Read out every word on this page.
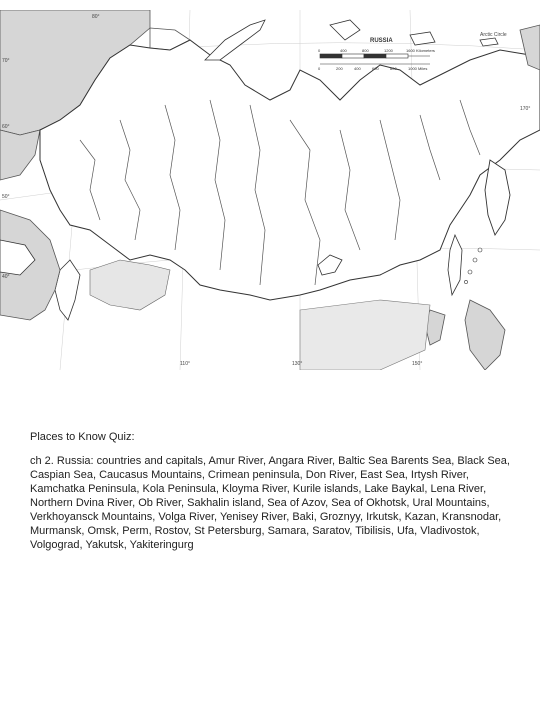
RUSSIA
0	400	800	1200	1600 Kilometers
0	200	400	600	800	1000 Miles
Arctic Circle
70°
60°
50°
40°
80°
110°	130°	150°
170°

Places to Know Quiz:

ch 2. Russia: countries and capitals, Amur River, Angara River, Baltic Sea Barents Sea, Black Sea, Caspian Sea, Caucasus Mountains, Crimean peninsula, Don River, East Sea, Irtysh River, Kamchatka Peninsula, Kola Peninsula, Kloyma River, Kurile islands, Lake Baykal, Lena River, Northern Dvina River, Ob River, Sakhalin island, Sea of Azov, Sea of Okhotsk, Ural Mountains, Verkhoyansck Mountains, Volga River, Yenisey River, Baki, Groznyy, Irkutsk, Kazan, Kransnodar, Murmansk, Omsk, Perm, Rostov, St Petersburg, Samara, Saratov, Tibilisis, Ufa, Vladivostok, Volgograd, Yakutsk, Yakiteringurg
